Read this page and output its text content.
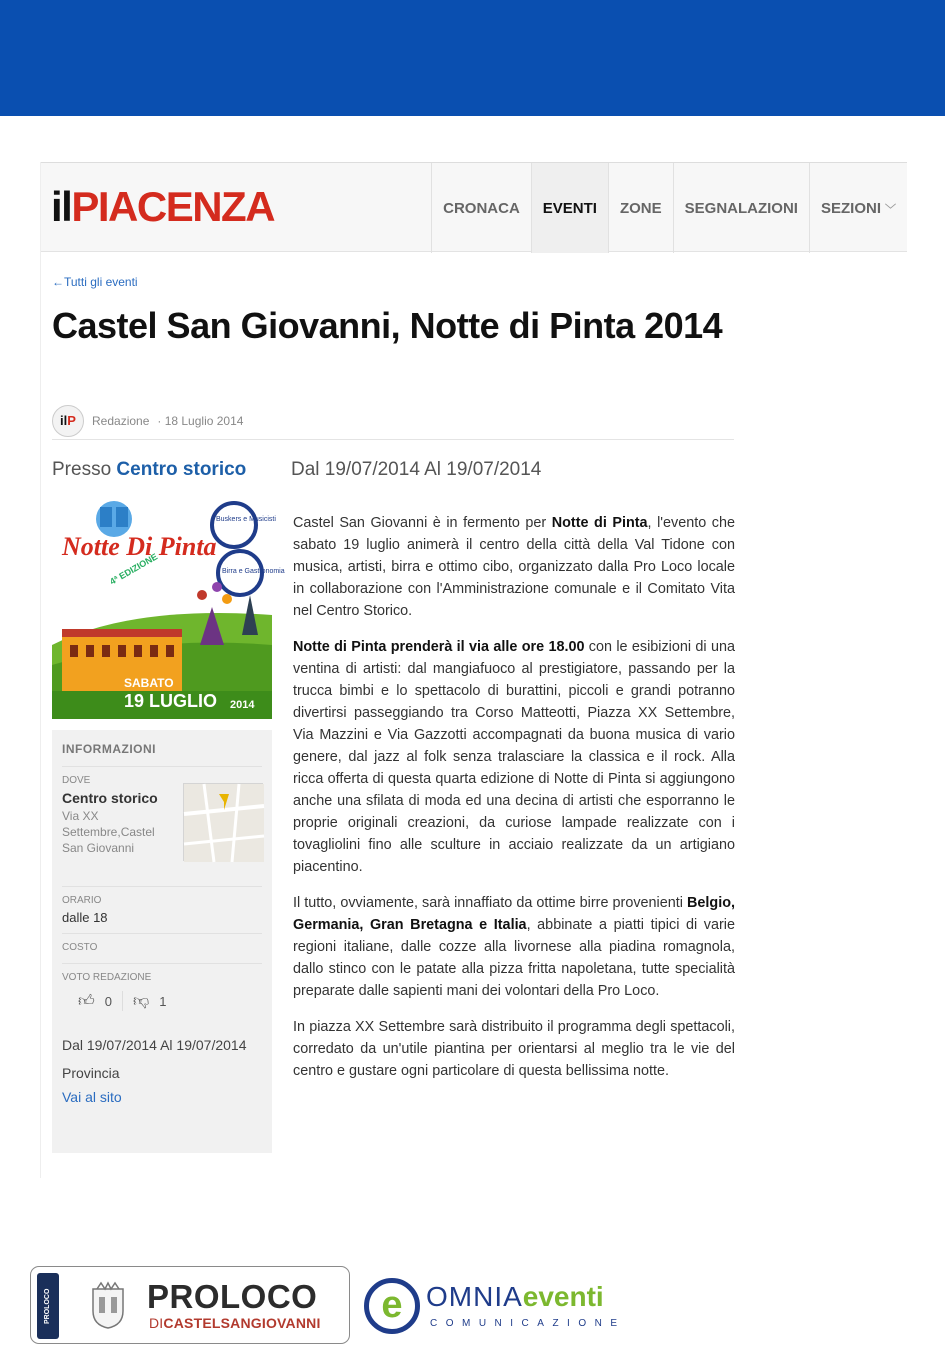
ilPIACENZA	CRONACA	EVENTI	ZONE	SEGNALAZIONI	SEZIONI ﹀
←Tutti gli eventi
Castel San Giovanni, Notte di Pinta 2014
il P Redazione · 18 Luglio 2014
Presso Centro storico Dal 19/07/2014 Al 19/07/2014
Notte Di Pinta
Buskers e Musicisti
Birra e Gastronomia
4ª EDIZIONE
SABATO
19 LUGLIO 2014
INFORMAZIONI
DOVE
Centro storico
Via XX Settembre,Castel San Giovanni
ORARIO
dalle 18
COSTO
VOTO REDAZIONE
👍︎ 0 👎︎ 1
Dal 19/07/2014 Al 19/07/2014
Provincia
Vai al sito

Castel San Giovanni è in fermento per Notte di Pinta, l'evento che sabato 19 luglio animerà il centro della città della Val Tidone con musica, artisti, birra e ottimo cibo, organizzato dalla Pro Loco locale in collaborazione con l'Amministrazione comunale e il Comitato Vita nel Centro Storico.

Notte di Pinta prenderà il via alle ore 18.00 con le esibizioni di una ventina di artisti: dal mangiafuoco al prestigiatore, passando per la trucca bimbi e lo spettacolo di burattini, piccoli e grandi potranno divertirsi passeggiando tra Corso Matteotti, Piazza XX Settembre, Via Mazzini e Via Gazzotti accompagnati da buona musica di vario genere, dal jazz al folk senza tralasciare la classica e il rock. Alla ricca offerta di questa quarta edizione di Notte di Pinta si aggiungono anche una sfilata di moda ed una decina di artisti che esporranno le proprie originali creazioni, da curiose lampade realizzate con i tovagliolini fino alle sculture in acciaio realizzate da un artigiano piacentino.

Il tutto, ovviamente, sarà innaffiato da ottime birre provenienti Belgio, Germania, Gran Bretagna e Italia, abbinate a piatti tipici di varie regioni italiane, dalle cozze alla livornese alla piadina romagnola, dallo stinco con le patate alla pizza fritta napoletana, tutte specialità preparate dalle sapienti mani dei volontari della Pro Loco.

In piazza XX Settembre sarà distribuito il programma degli spettacoli, corredato da un'utile piantina per orientarsi al meglio tra le vie del centro e gustare ogni particolare di questa bellissima notte.

PROLOCO	PROLOCO
DICASTELSANGIOVANNI e OMNIAeventi
COMUNICAZIONE
